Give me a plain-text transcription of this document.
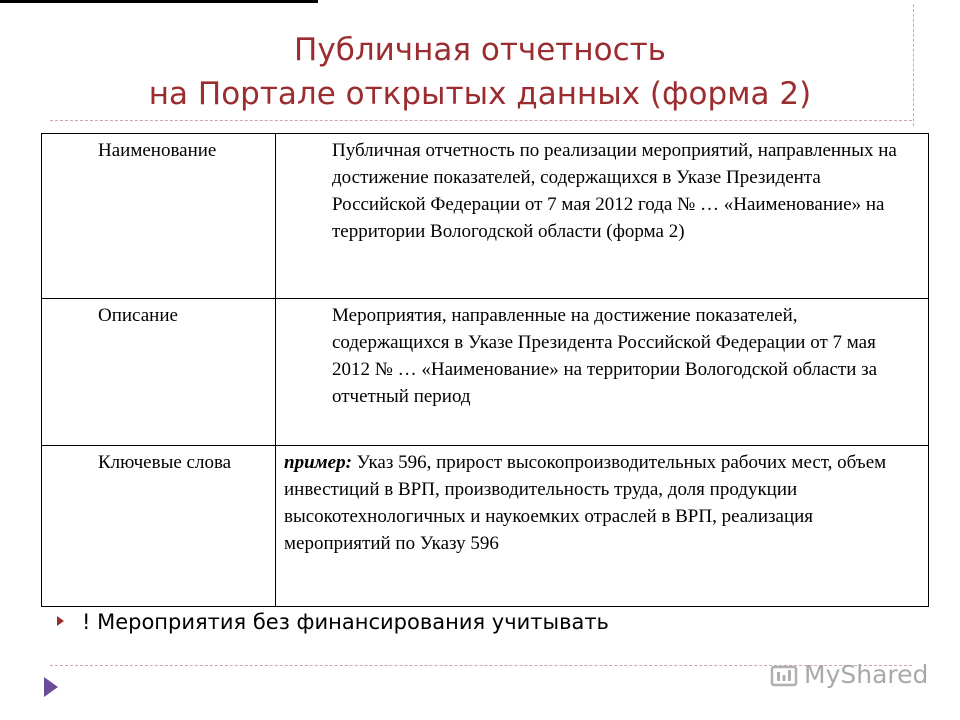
Публичная отчетность
на Портале открытых данных (форма 2)
Наименование	Публичная отчетность по реализации мероприятий, направленных на достижение показателей, содержащихся в Указе Президента Российской Федерации от 7 мая 2012 года № … «Наименование» на территории Вологодской области (форма 2)

Описание	Мероприятия, направленные на достижение показателей, содержащихся в Указе Президента Российской Федерации от 7 мая 2012 № … «Наименование» на территории Вологодской области за отчетный период

Ключевые слова	пример: Указ 596, прирост высокопроизводительных рабочих мест, объем инвестиций в ВРП, производительность труда, доля продукции высокотехнологичных и наукоемких отраслей в ВРП, реализация мероприятий по Указу 596
! Мероприятия без финансирования учитывать
MyShared
